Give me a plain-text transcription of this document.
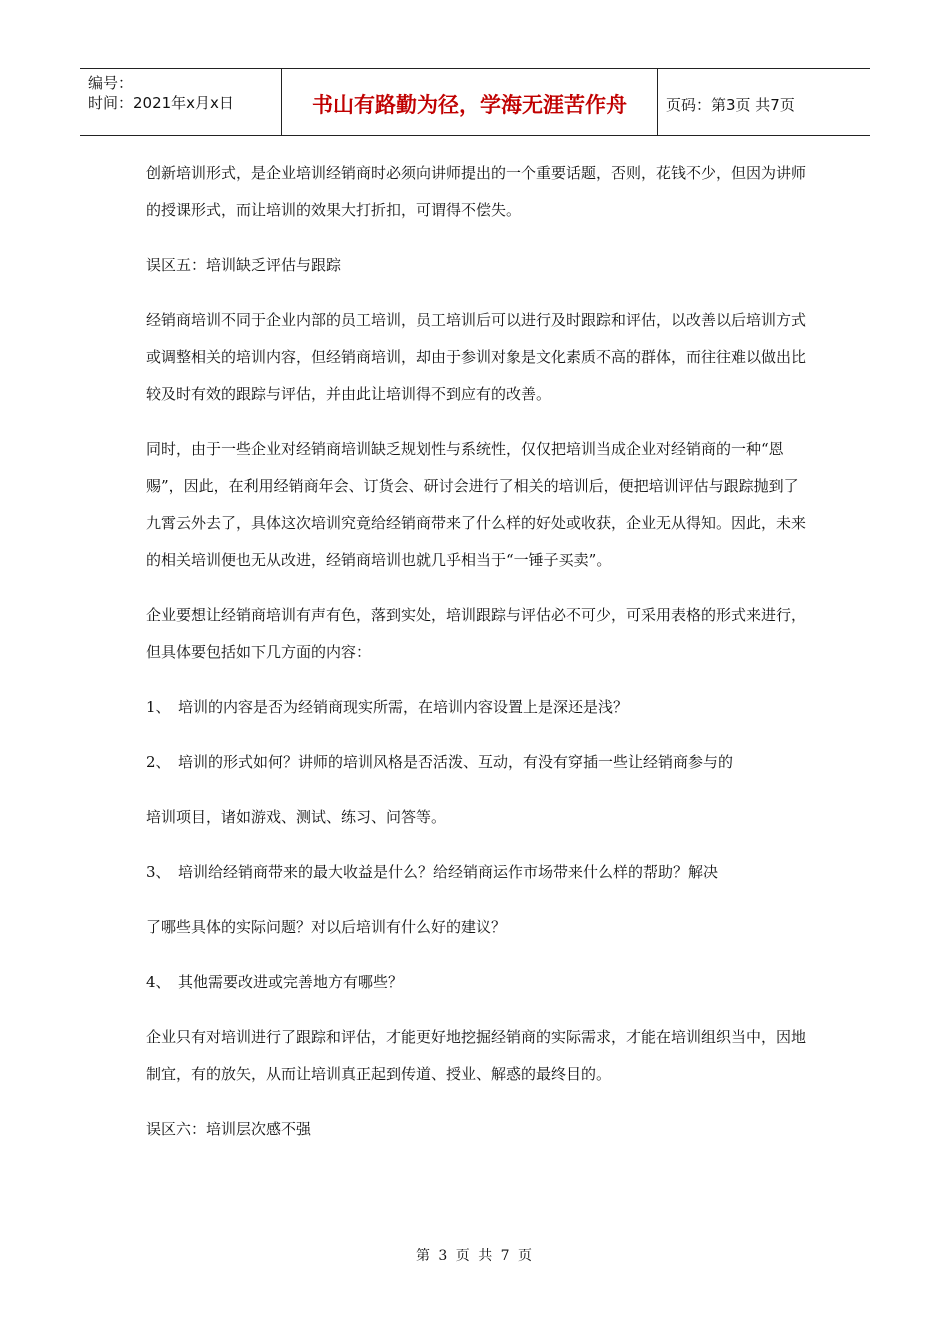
编号：
时间：2021年x月x日	书山有路勤为径，学海无涯苦作舟	页码：第3页 共7页

创新培训形式，是企业培训经销商时必须向讲师提出的一个重要话题，否则，花钱不少，但因为讲师的授课形式，而让培训的效果大打折扣，可谓得不偿失。

误区五：培训缺乏评估与跟踪

经销商培训不同于企业内部的员工培训，员工培训后可以进行及时跟踪和评估，以改善以后培训方式或调整相关的培训内容，但经销商培训，却由于参训对象是文化素质不高的群体，而往往难以做出比较及时有效的跟踪与评估，并由此让培训得不到应有的改善。

同时，由于一些企业对经销商培训缺乏规划性与系统性，仅仅把培训当成企业对经销商的一种“恩赐”，因此，在利用经销商年会、订货会、研讨会进行了相关的培训后，便把培训评估与跟踪抛到了九霄云外去了，具体这次培训究竟给经销商带来了什么样的好处或收获，企业无从得知。因此，未来的相关培训便也无从改进，经销商培训也就几乎相当于“一锤子买卖”。

企业要想让经销商培训有声有色，落到实处，培训跟踪与评估必不可少，可采用表格的形式来进行，但具体要包括如下几方面的内容：

1、 培训的内容是否为经销商现实所需，在培训内容设置上是深还是浅？

2、 培训的形式如何？讲师的培训风格是否活泼、互动，有没有穿插一些让经销商参与的

培训项目，诸如游戏、测试、练习、问答等。

3、 培训给经销商带来的最大收益是什么？给经销商运作市场带来什么样的帮助？解决

了哪些具体的实际问题？对以后培训有什么好的建议？

4、 其他需要改进或完善地方有哪些？

企业只有对培训进行了跟踪和评估，才能更好地挖掘经销商的实际需求，才能在培训组织当中，因地制宜，有的放矢，从而让培训真正起到传道、授业、解惑的最终目的。

误区六：培训层次感不强

第 3 页 共 7 页
